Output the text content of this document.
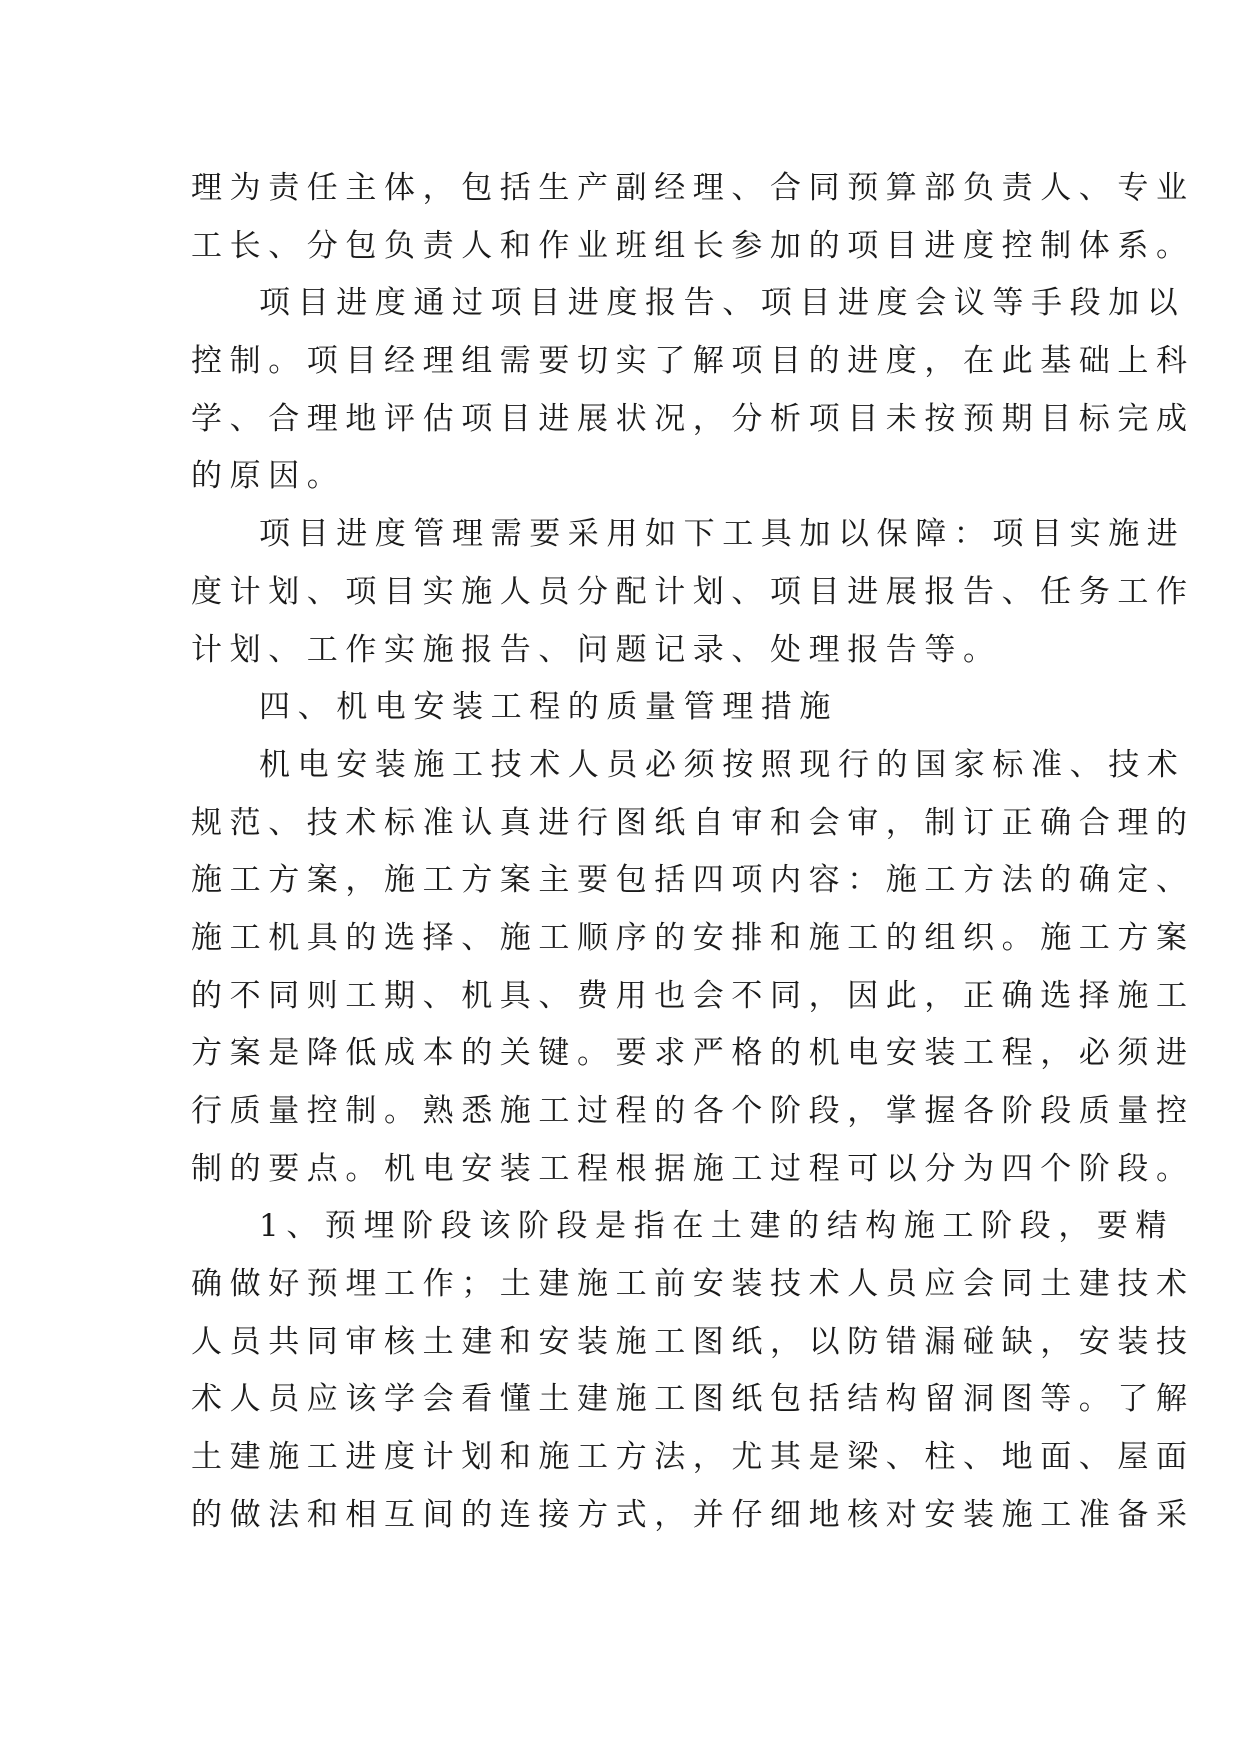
理为责任主体，包括生产副经理、合同预算部负责人、专业
工长、分包负责人和作业班组长参加的项目进度控制体系。
项目进度通过项目进度报告、项目进度会议等手段加以
控制。项目经理组需要切实了解项目的进度，在此基础上科
学、合理地评估项目进展状况，分析项目未按预期目标完成
的原因。
项目进度管理需要采用如下工具加以保障：项目实施进
度计划、项目实施人员分配计划、项目进展报告、任务工作
计划、工作实施报告、问题记录、处理报告等。
四、机电安装工程的质量管理措施
机电安装施工技术人员必须按照现行的国家标准、技术
规范、技术标准认真进行图纸自审和会审，制订正确合理的
施工方案，施工方案主要包括四项内容：施工方法的确定、
施工机具的选择、施工顺序的安排和施工的组织。施工方案
的不同则工期、机具、费用也会不同，因此，正确选择施工
方案是降低成本的关键。要求严格的机电安装工程，必须进
行质量控制。熟悉施工过程的各个阶段，掌握各阶段质量控
制的要点。机电安装工程根据施工过程可以分为四个阶段。
1、预埋阶段该阶段是指在土建的结构施工阶段，要精
确做好预埋工作；土建施工前安装技术人员应会同土建技术
人员共同审核土建和安装施工图纸，以防错漏碰缺，安装技
术人员应该学会看懂土建施工图纸包括结构留洞图等。了解
土建施工进度计划和施工方法，尤其是梁、柱、地面、屋面
的做法和相互间的连接方式，并仔细地核对安装施工准备采
